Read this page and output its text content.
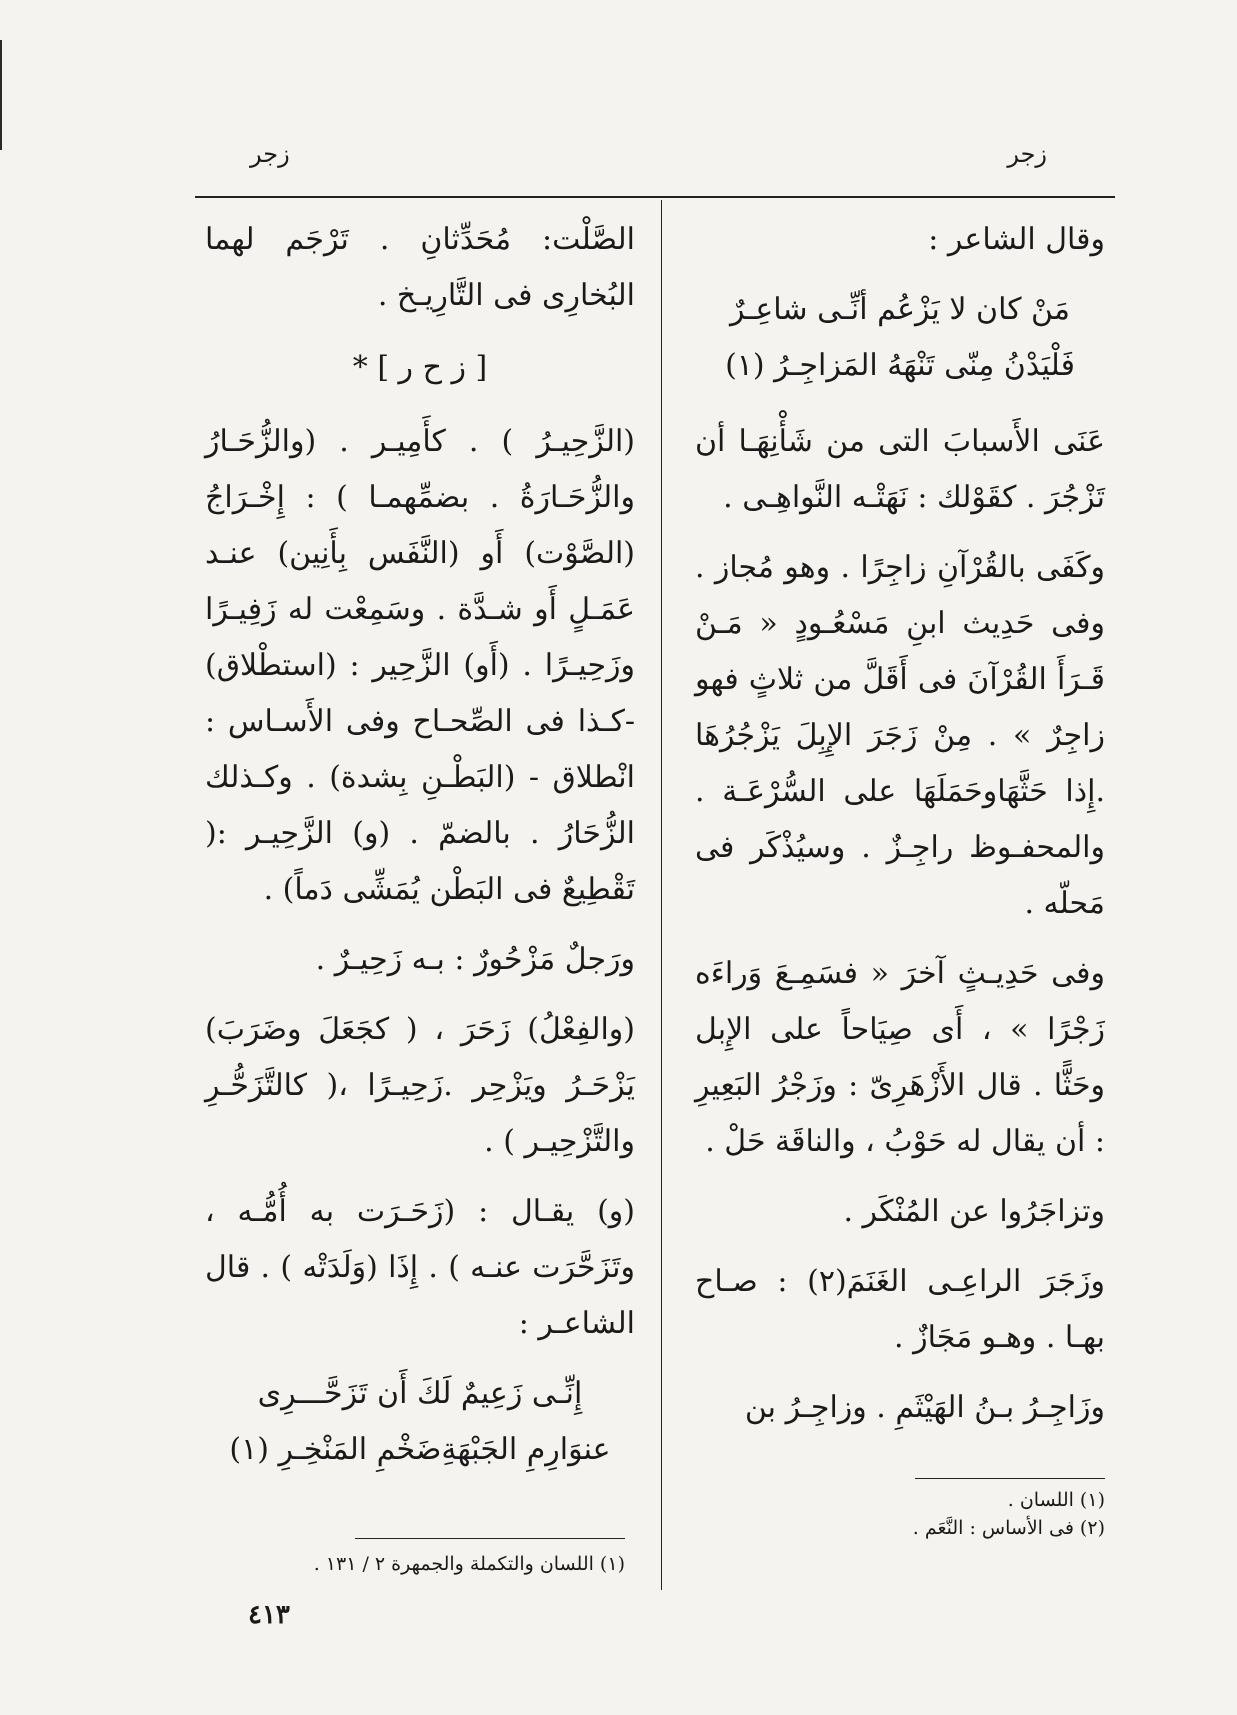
زجر
زجر

وقال الشاعر :

مَنْ كان لا يَزْعُم أنِّـى شاعِـرٌ
فَلْيَدْنُ مِنّى تَنْهَهُ المَزاجِـرُ (١)

عَنَى الأَسبابَ التى من شَأْنِهَـا أن تَزْجُرَ . كقَوْلك : نَهَتْـه النَّواهِـى .

وكَفَى بالقُرْآنِ زاجِرًا . وهو مُجاز . وفى حَدِيث ابنِ مَسْعُـودٍ « مَـنْ قَـرَأَ القُرْآنَ فى أَقَلَّ من ثلاثٍ فهو زاجِرٌ » . مِنْ زَجَرَ الإِبِلَ يَزْجُرُهَا .إِذا حَثَّهَاوحَمَلَهَا على السُّرْعَـة . والمحفـوظ راجِـزٌ . وسيُذْكَر فى مَحلّه .

وفى حَدِيـثٍ آخرَ « فسَمِـعَ وَراءَه زَجْرًا » ، أَى صِيَاحاً على الإِبل وحَثًّا . قال الأَزْهَرِىّ : وزَجْرُ البَعِيرِ : أن يقال له حَوْبُ ، والناقَة حَلْ .

وتزاجَرُوا عن المُنْكَر .

وزَجَرَ الراعِـى الغَنَمَ(٢) : صـاح بهـا . وهـو مَجَازٌ .

وزَاجِـرُ بـنُ الهَيْثَمِ . وزاجِـرُ بن

الصَّلْت: مُحَدِّثانِ . تَرْجَم لهما البُخارِى فى التَّارِيـخ .

[ ز ح ر ] *

(الزَّحِيـرُ ) . كأَمِيـر . (والزُّحَـارُ والزُّحَـارَةُ . بضمِّهمـا ) : إِخْـرَاجُ (الصَّوْت) أَو (النَّفَس بِأَنِين) عنـد عَمَـلٍ أَو شـدَّة . وسَمِعْت له زَفِيـرًا وزَحِيـرًا . (أَو) الزَّحِير : (استطْلاق) -كـذا فى الصِّحـاح وفى الأَسـاس : انْطلاق - (البَطْـنِ بِشدة) . وكـذلك الزُّحَارُ . بالضمّ . (و) الزَّحِيـر :( تَقْطِيعٌ فى البَطْن يُمَشِّى دَماً) .

ورَجلٌ مَزْحُورٌ : بـه زَحِيـرٌ .

(والفِعْلُ) زَحَرَ ، ( كجَعَلَ وضَرَبَ) يَزْحَـرُ ويَزْحِر .زَحِيـرًا ،( كالتَّزَحُّـرِ والتَّزْحِيـر ) .

(و) يقـال : (زَحَـرَت به أُمُّـه ، وتَزَحَّرَت عنـه ) . إِذَا (وَلَدَتْه ) . قال الشاعـر :

إِنِّـى زَعِيمٌ لَكَ أَن تَزَحَّـــرِى
عنوَارِمِ الجَبْهَةِضَخْمِ المَنْخِـرِ (١)
(١) اللسان .
(٢) فى الأساس : النَّعَم .
(١) اللسان والتكملة والجمهرة ٢ / ١٣١ .
٤١٣
